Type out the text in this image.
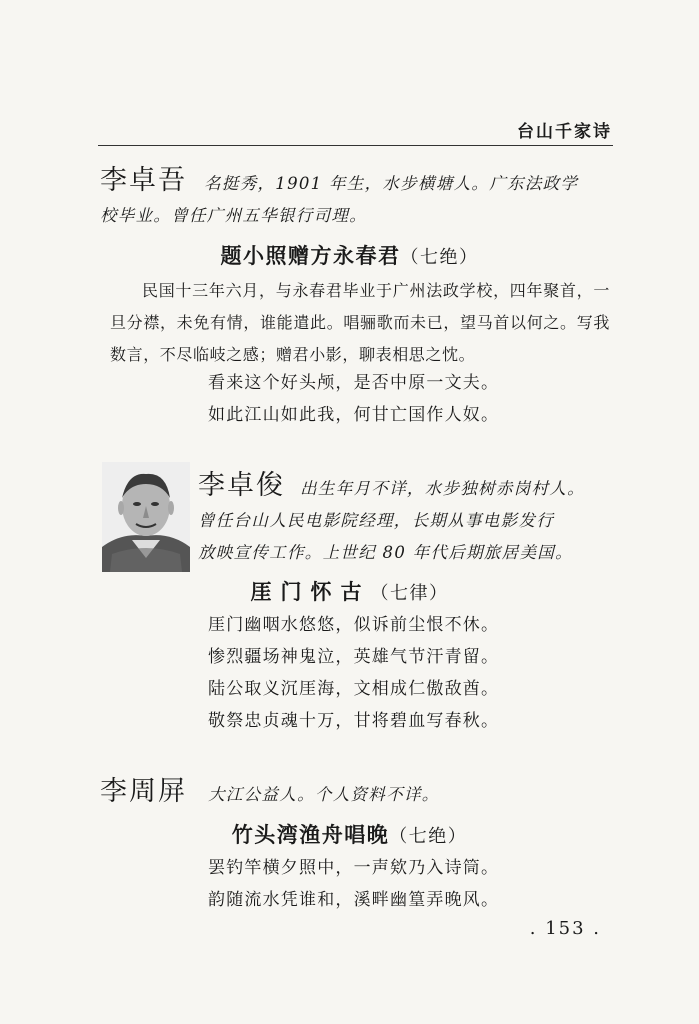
台山千家诗
李卓吾 名挺秀，1901 年生，水步横塘人。广东法政学
校毕业。曾任广州五华银行司理。
题小照赠方永春君（七绝）
民国十三年六月，与永春君毕业于广州法政学校，四年聚首，一旦分襟，未免有情，谁能遣此。唱骊歌而未已，望马首以何之。写我数言，不尽临岐之感；赠君小影，聊表相思之忱。
看来这个好头颅，是否中原一文夫。
如此江山如此我，何甘亡国作人奴。
李卓俊 出生年月不详，水步独树赤岗村人。
曾任台山人民电影院经理，长期从事电影发行
放映宣传工作。上世纪 80 年代后期旅居美国。
厓门怀古（七律）
厓门幽咽水悠悠，似诉前尘恨不休。
惨烈疆场神鬼泣，英雄气节汗青留。
陆公取义沉厓海，文相成仁傲敌酋。
敬祭忠贞魂十万，甘将碧血写春秋。
李周屏 大江公益人。个人资料不详。
竹头湾渔舟唱晚（七绝）
罢钓竿横夕照中，一声欸乃入诗筒。
韵随流水凭谁和，溪畔幽篁弄晚风。
. 153 .
